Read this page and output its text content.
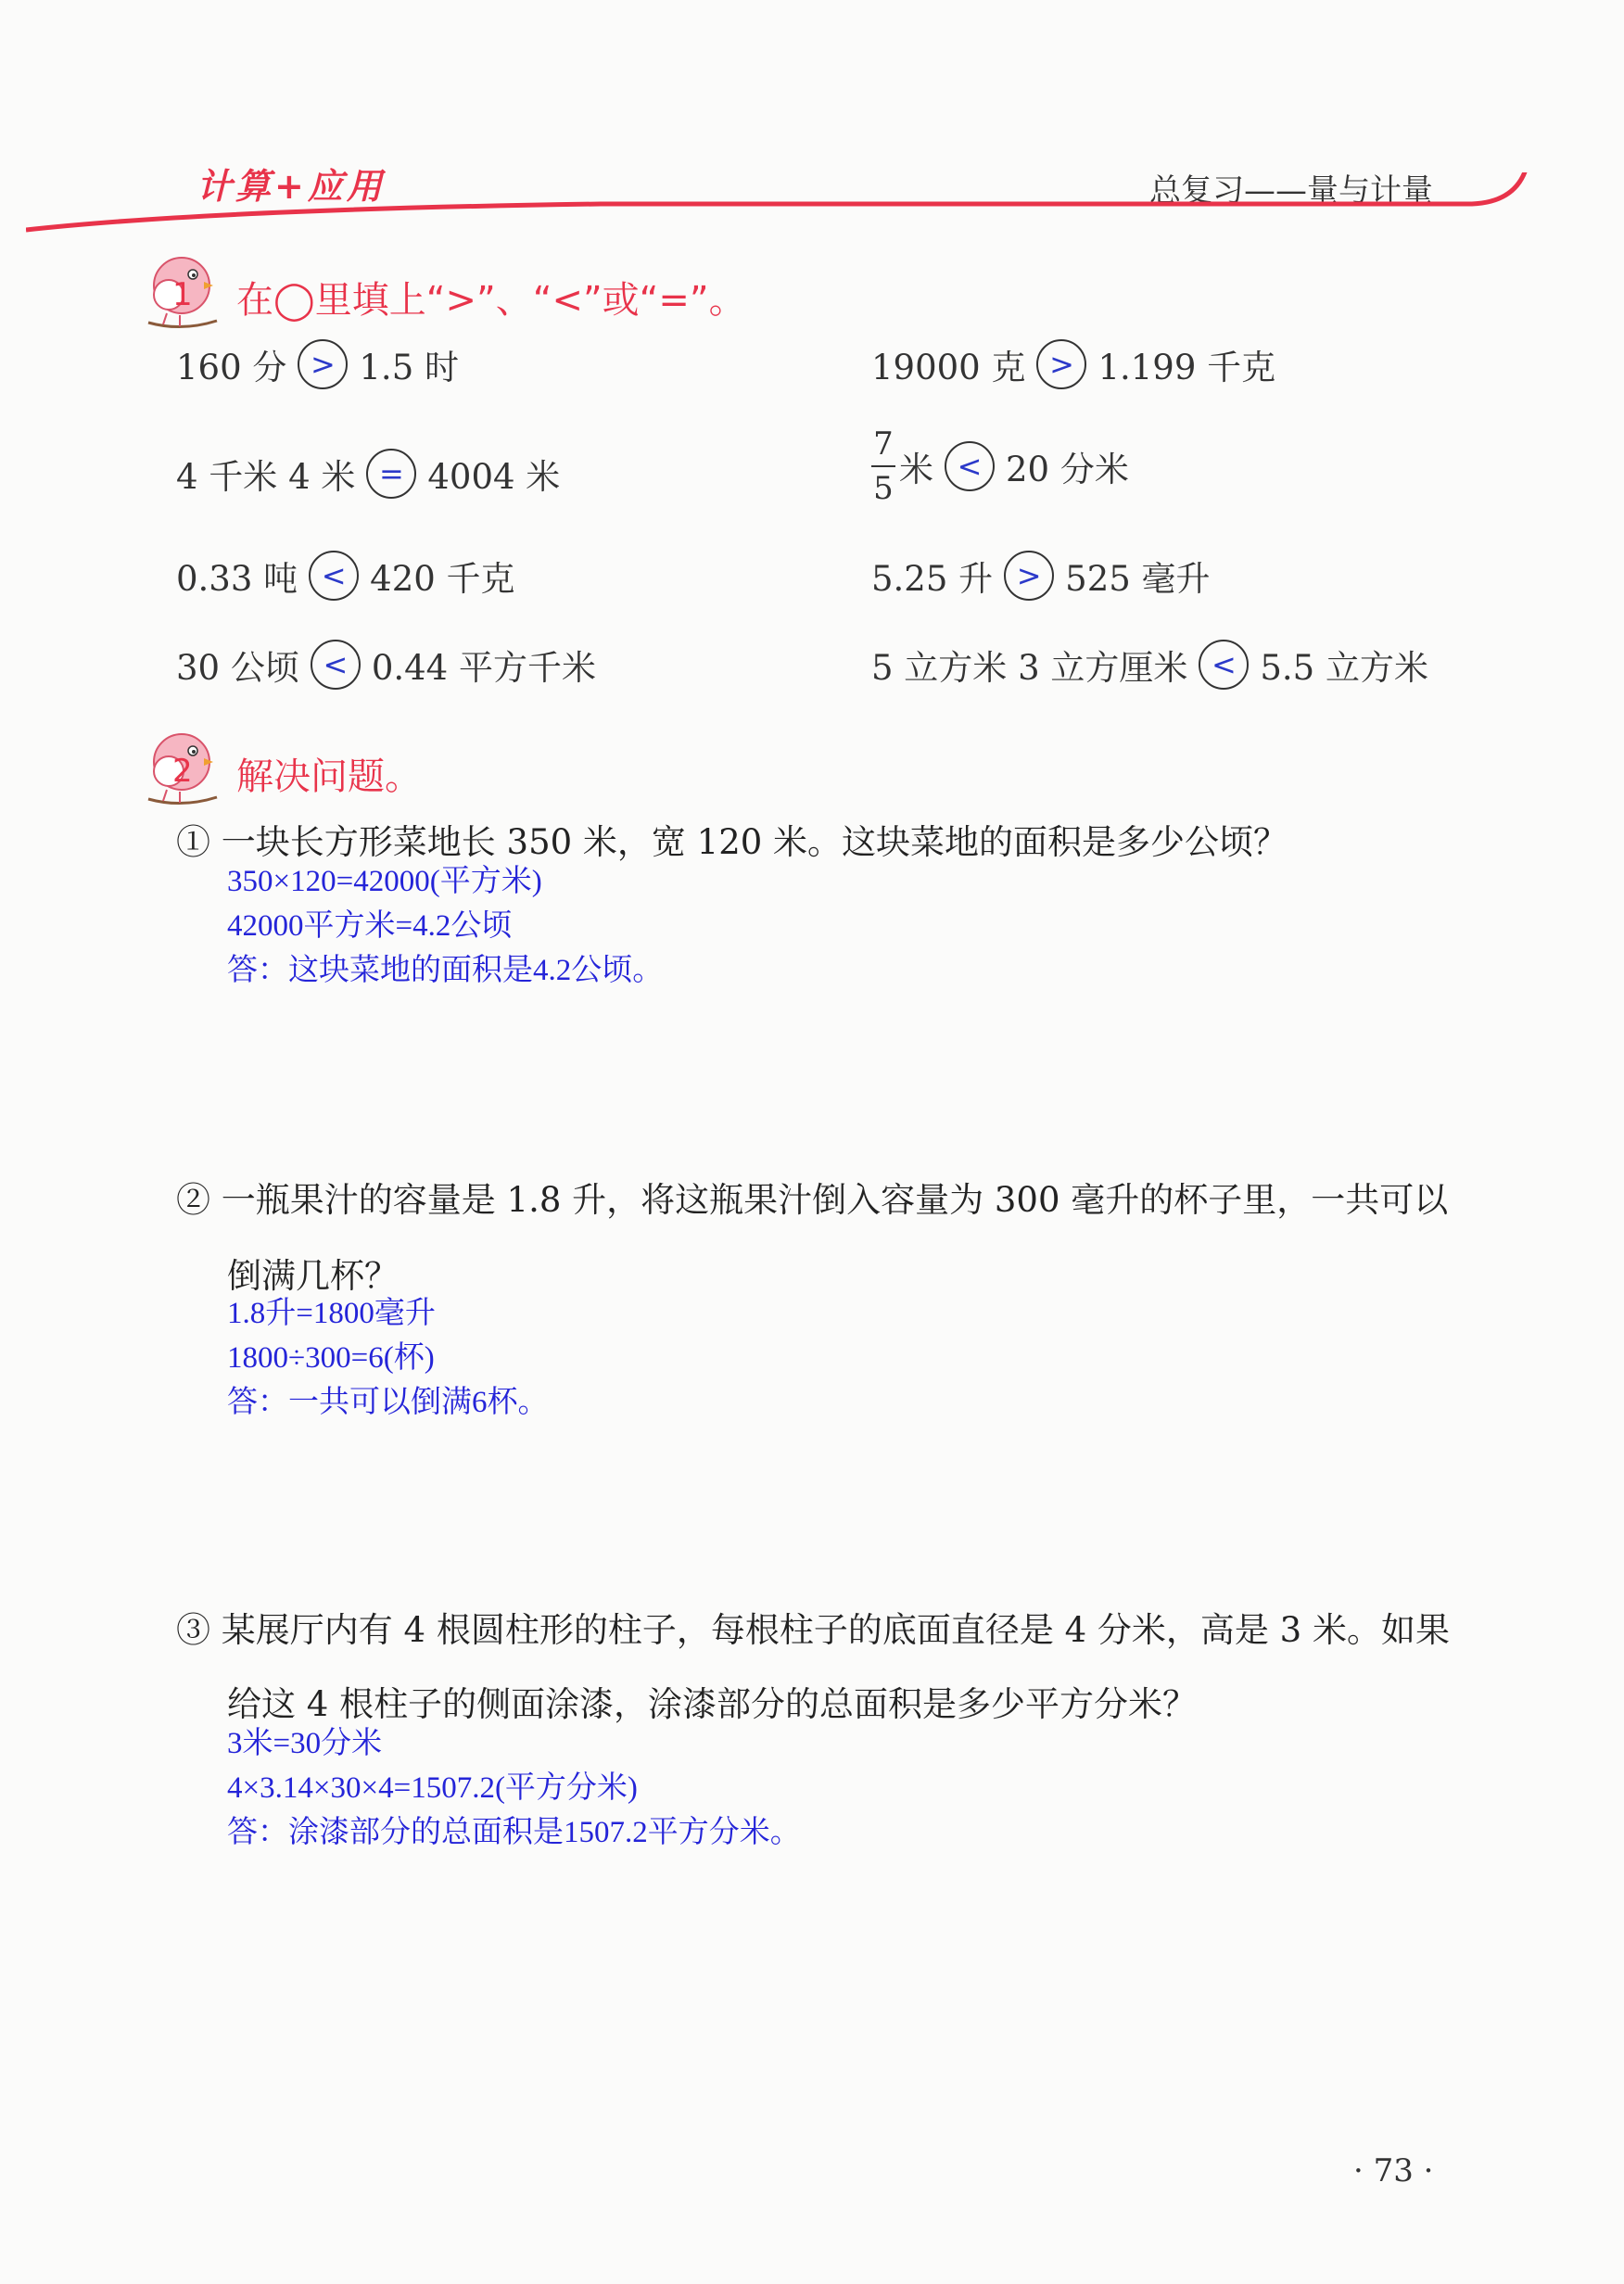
计算+应用	总复习——量与计量
1 在◯里填上“>”、“<”或“=”。
160 分 > 1.5 时	19000 克 > 1.199 千克
4 千米 4 米 = 4004 米	$\frac{7}{5}$ 米 < 20 分米
0.33 吨 < 420 千克	5.25 升 > 525 毫升
30 公顷 < 0.44 平方千米	5 立方米 3 立方厘米 < 5.5 立方米
2 解决问题。
① 一块长方形菜地长 350 米，宽 120 米。这块菜地的面积是多少公顷？
350×120=42000(平方米)
42000平方米=4.2公顷
答：这块菜地的面积是4.2公顷。
② 一瓶果汁的容量是 1.8 升，将这瓶果汁倒入容量为 300 毫升的杯子里，一共可以
倒满几杯？
1.8升=1800毫升
1800÷300=6(杯)
答：一共可以倒满6杯。
③ 某展厅内有 4 根圆柱形的柱子，每根柱子的底面直径是 4 分米，高是 3 米。如果
给这 4 根柱子的侧面涂漆，涂漆部分的总面积是多少平方分米？
3米=30分米
4×3.14×30×4=1507.2(平方分米)
答：涂漆部分的总面积是1507.2平方分米。
· 73 ·
